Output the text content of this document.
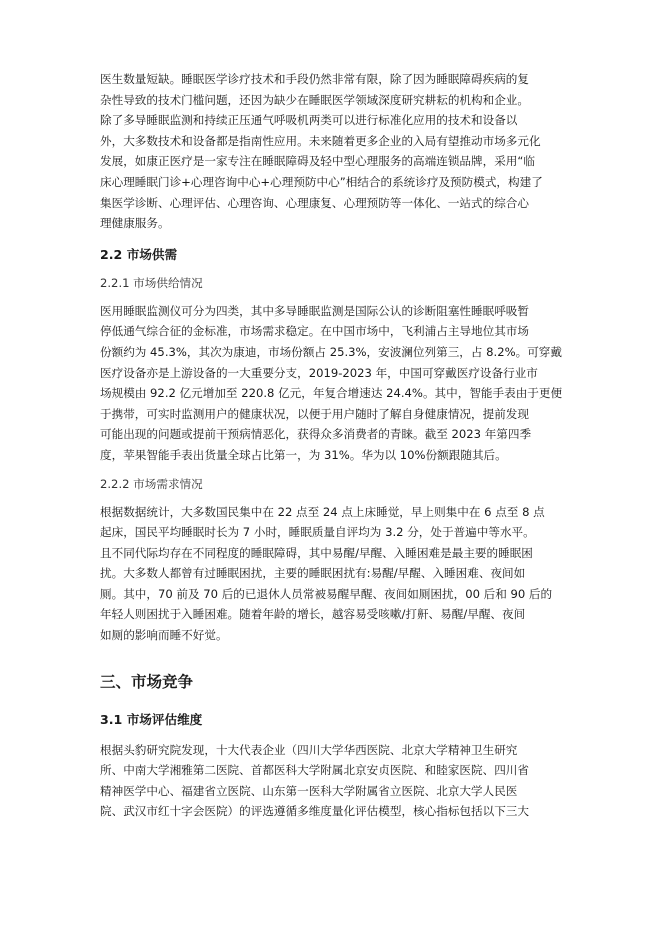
医生数量短缺。睡眠医学诊疗技术和手段仍然非常有限，除了因为睡眠障碍疾病的复
杂性导致的技术门槛问题，还因为缺少在睡眠医学领域深度研究耕耘的机构和企业。
除了多导睡眠监测和持续正压通气呼吸机两类可以进行标准化应用的技术和设备以
外，大多数技术和设备都是指南性应用。未来随着更多企业的入局有望推动市场多元化
发展，如康正医疗是一家专注在睡眠障碍及轻中型心理服务的高端连锁品牌，采用“临
床心理睡眠门诊+心理咨询中心+心理预防中心”相结合的系统诊疗及预防模式，构建了
集医学诊断、心理评估、心理咨询、心理康复、心理预防等一体化、一站式的综合心
理健康服务。

2.2 市场供需
2.2.1 市场供给情况

医用睡眠监测仪可分为四类，其中多导睡眠监测是国际公认的诊断阻塞性睡眠呼吸暂
停低通气综合征的金标准，市场需求稳定。在中国市场中，飞利浦占主导地位其市场
份额约为 45.3%，其次为康迪，市场份额占 25.3%，安波澜位列第三，占 8.2%。可穿戴
医疗设备亦是上游设备的一大重要分支，2019-2023 年，中国可穿戴医疗设备行业市
场规模由 92.2 亿元增加至 220.8 亿元，年复合增速达 24.4%。其中，智能手表由于更便
于携带，可实时监测用户的健康状况，以便于用户随时了解自身健康情况，提前发现
可能出现的问题或提前干预病情恶化，获得众多消费者的青睐。截至 2023 年第四季
度，苹果智能手表出货量全球占比第一，为 31%。华为以 10%份额跟随其后。

2.2.2 市场需求情况

根据数据统计，大多数国民集中在 22 点至 24 点上床睡觉，早上则集中在 6 点至 8 点
起床，国民平均睡眠时长为 7 小时，睡眠质量自评均为 3.2 分，处于普遍中等水平。
且不同代际均存在不同程度的睡眠障碍，其中易醒/早醒、入睡困难是最主要的睡眠困
扰。大多数人都曾有过睡眠困扰，主要的睡眠困扰有:易醒/早醒、入睡困难、夜间如
厕。其中，70 前及 70 后的已退休人员常被易醒早醒、夜间如厕困扰，00 后和 90 后的
年轻人则困扰于入睡困难。随着年龄的增长，越容易受咳嗽/打鼾、易醒/早醒、夜间
如厕的影响而睡不好觉。

三、市场竞争
3.1 市场评估维度

根据头豹研究院发现，十大代表企业（四川大学华西医院、北京大学精神卫生研究
所、中南大学湘雅第二医院、首都医科大学附属北京安贞医院、和睦家医院、四川省
精神医学中心、福建省立医院、山东第一医科大学附属省立医院、北京大学人民医
院、武汉市红十字会医院）的评选遵循多维度量化评估模型，核心指标包括以下三大
